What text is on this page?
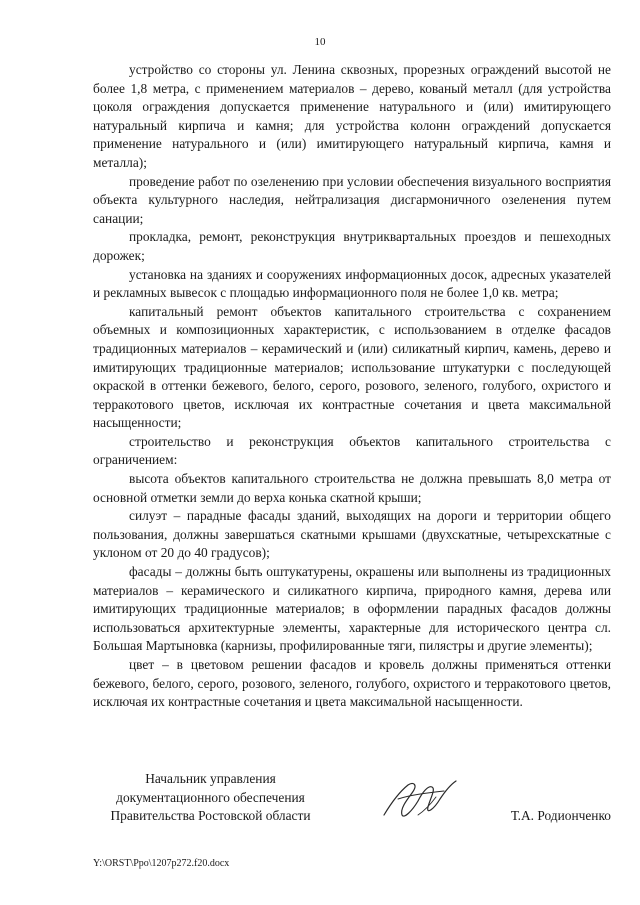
10

устройство со стороны ул. Ленина сквозных, прорезных ограждений высотой не более 1,8 метра, с применением материалов – дерево, кованый металл (для устройства цоколя ограждения допускается применение натурального и (или) имитирующего натуральный кирпича и камня; для устройства колонн ограждений допускается применение натурального и (или) имитирующего натуральный кирпича, камня и металла);

проведение работ по озеленению при условии обеспечения визуального восприятия объекта культурного наследия, нейтрализация дисгармоничного озеленения путем санации;

прокладка, ремонт, реконструкция внутриквартальных проездов и пешеходных дорожек;

установка на зданиях и сооружениях информационных досок, адресных указателей и рекламных вывесок с площадью информационного поля не более 1,0 кв. метра;

капитальный ремонт объектов капитального строительства с сохранением объемных и композиционных характеристик, с использованием в отделке фасадов традиционных материалов – керамический и (или) силикатный кирпич, камень, дерево и имитирующих традиционные материалов; использование штукатурки с последующей окраской в оттенки бежевого, белого, серого, розового, зеленого, голубого, охристого и терракотового цветов, исключая их контрастные сочетания и цвета максимальной насыщенности;

строительство и реконструкция объектов капитального строительства с ограничением:

высота объектов капитального строительства не должна превышать 8,0 метра от основной отметки земли до верха конька скатной крыши;

силуэт – парадные фасады зданий, выходящих на дороги и территории общего пользования, должны завершаться скатными крышами (двухскатные, четырехскатные с уклоном от 20 до 40 градусов);

фасады – должны быть оштукатурены, окрашены или выполнены из традиционных материалов – керамического и силикатного кирпича, природного камня, дерева или имитирующих традиционные материалов; в оформлении парадных фасадов должны использоваться архитектурные элементы, характерные для исторического центра сл. Большая Мартыновка (карнизы, профилированные тяги, пилястры и другие элементы);

цвет – в цветовом решении фасадов и кровель должны применяться оттенки бежевого, белого, серого, розового, зеленого, голубого, охристого и терракотового цветов, исключая их контрастные сочетания и цвета максимальной насыщенности.

Начальник управления
документационного обеспечения
Правительства Ростовской области	Т.А. Родионченко
Y:\ORST\Ppo\1207p272.f20.docx
